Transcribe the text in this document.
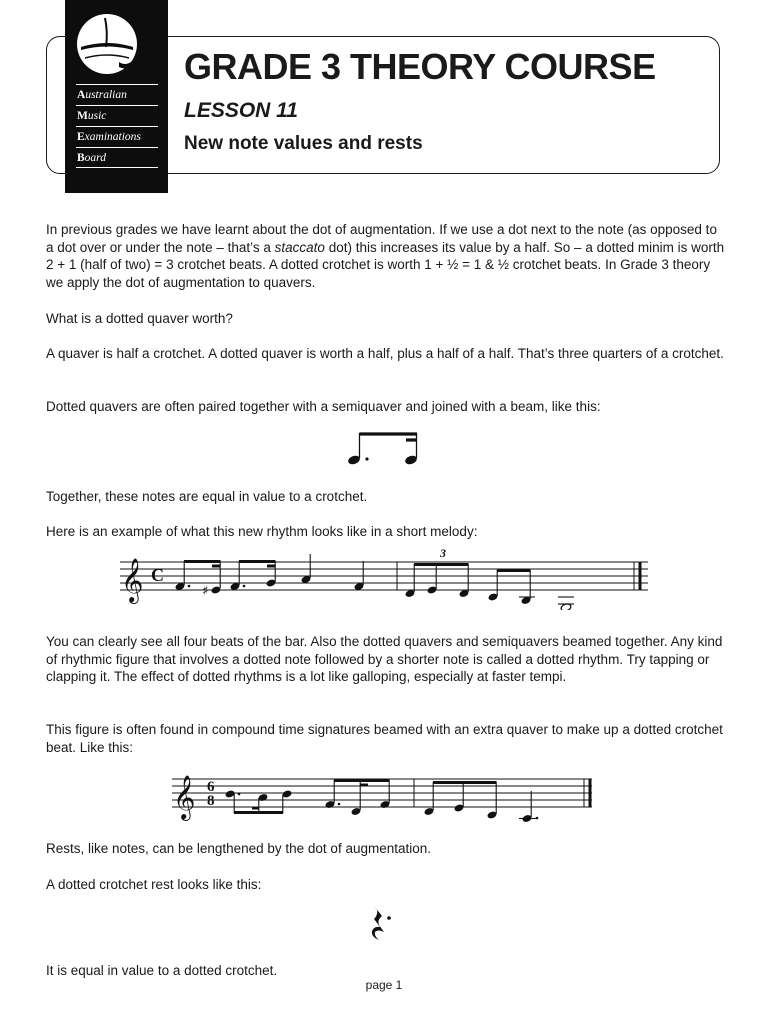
Australian
Music
Examinations
Board
GRADE 3 THEORY COURSE
LESSON 11
New note values and rests

In previous grades we have learnt about the dot of augmentation. If we use a dot next to the note (as opposed to a dot over or under the note – that’s a staccato dot) this increases its value by a half. So – a dotted minim is worth 2 + 1 (half of two) = 3 crotchet beats. A dotted crotchet is worth 1 + ½ = 1 & ½ crotchet beats. In Grade 3 theory we apply the dot of augmentation to quavers.

What is a dotted quaver worth?

A quaver is half a crotchet. A dotted quaver is worth a half, plus a half of a half. That’s three quarters of a crotchet.

Dotted quavers are often paired together with a semiquaver and joined with a beam, like this:

Together, these notes are equal in value to a crotchet.

Here is an example of what this new rhythm looks like in a short melody:

𝄞 C
♯
3

You can clearly see all four beats of the bar. Also the dotted quavers and semiquavers beamed together. Any kind of rhythmic figure that involves a dotted note followed by a shorter note is called a dotted rhythm. Try tapping or clapping it. The effect of dotted rhythms is a lot like galloping, especially at faster tempi.

This figure is often found in compound time signatures beamed with an extra quaver to make up a dotted crotchet beat. Like this:

𝄞 6
8

Rests, like notes, can be lengthened by the dot of augmentation.

A dotted crotchet rest looks like this:

It is equal in value to a dotted crotchet.

page 1
